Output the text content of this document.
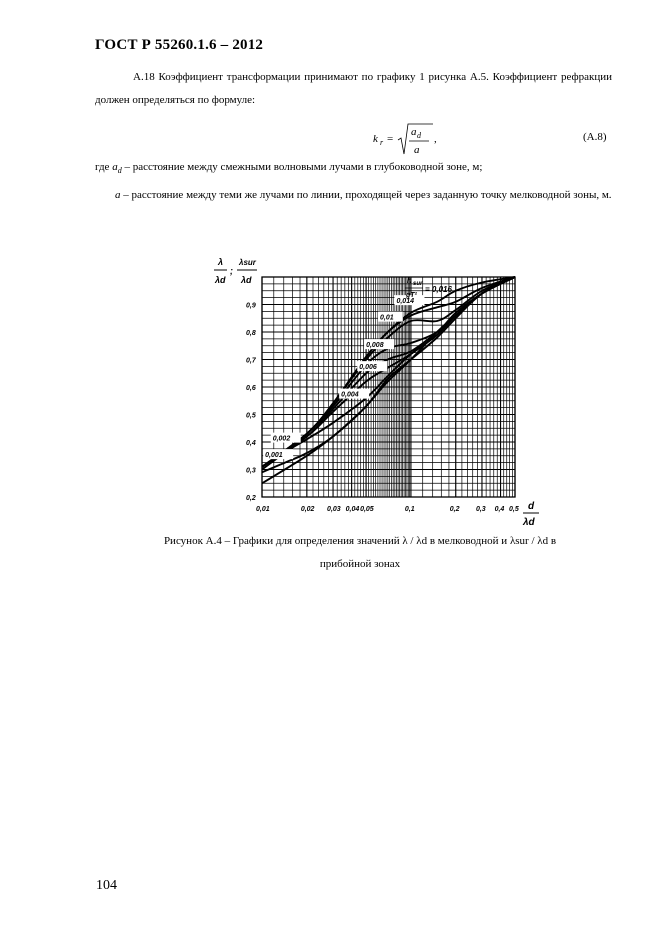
ГОСТ Р 55260.1.6 – 2012
А.18 Коэффициент трансформации принимают по графику 1 рисунка А.5. Коэффициент рефракции должен определяться по формуле:
k r =
a d
a
,	(А.8)
где $a_d$ – расстояние между смежными волновыми лучами в глубоководной зоне, м;
a – расстояние между теми же лучами по линии, проходящей через заданную точку мелководной зоны, м.
0,01	0,02 0,03 0,04 0,05	0,1	0,2 0,3 0,4 0,5
0,2
0,3
0,4
0,5
0,6
0,7
0,8
0,9
0,001
0,002
0,004
0,006
0,008
0,01
0,014
λ
λd
;
λsur
λd
d
λd
h sur
gT²
= 0,016
Рисунок А.4 – Графики для определения значений λ / λd в мелководной и λsur / λd в
прибойной зонах
104
